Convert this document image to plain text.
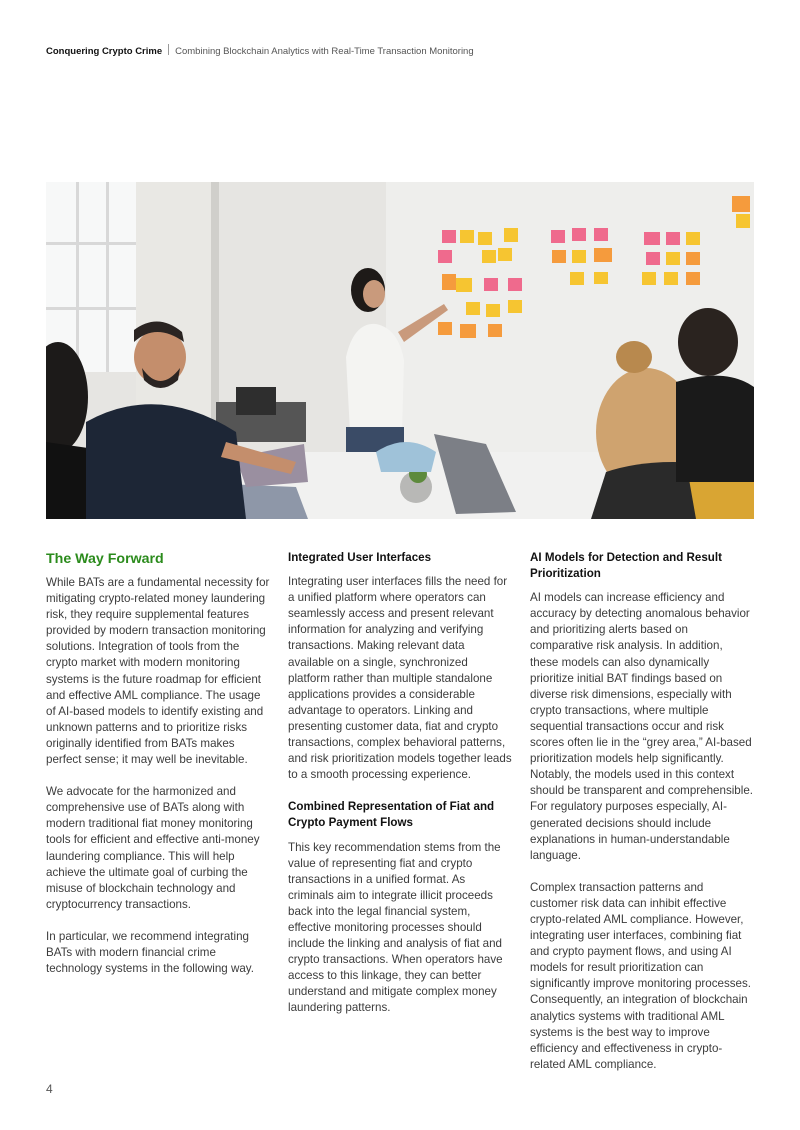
Conquering Crypto Crime Combining Blockchain Analytics with Real-Time Transaction Monitoring
The Way Forward

While BATs are a fundamental necessity for mitigating crypto-related money laundering risk, they require supplemental features provided by modern transaction monitoring solutions. Integration of tools from the crypto market with modern monitoring systems is the future roadmap for efficient and effective AML compliance. The usage of AI-based models to identify existing and unknown patterns and to prioritize risks originally identified from BATs makes perfect sense; it may well be inevitable.

We advocate for the harmonized and comprehensive use of BATs along with modern traditional fiat money monitoring tools for efficient and effective anti-money laundering compliance. This will help achieve the ultimate goal of curbing the misuse of blockchain technology and cryptocurrency transactions.

In particular, we recommend integrating BATs with modern financial crime technology systems in the following way.

Integrated User Interfaces

Integrating user interfaces fills the need for a unified platform where operators can seamlessly access and present relevant information for analyzing and verifying transactions. Making relevant data available on a single, synchronized platform rather than multiple standalone applications provides a considerable advantage to operators. Linking and presenting customer data, fiat and crypto transactions, complex behavioral patterns, and risk prioritization models together leads to a smooth processing experience.

Combined Representation of Fiat and Crypto Payment Flows

This key recommendation stems from the value of representing fiat and crypto transactions in a unified format. As criminals aim to integrate illicit proceeds back into the legal financial system, effective monitoring processes should include the linking and analysis of fiat and crypto transactions. When operators have access to this linkage, they can better understand and mitigate complex money laundering patterns.

AI Models for Detection and Result Prioritization

AI models can increase efficiency and accuracy by detecting anomalous behavior and prioritizing alerts based on comparative risk analysis. In addition, these models can also dynamically prioritize initial BAT findings based on diverse risk dimensions, especially with crypto transactions, where multiple sequential transactions occur and risk scores often lie in the “grey area,” AI-based prioritization models help significantly. Notably, the models used in this context should be transparent and comprehensible. For regulatory purposes especially, AI-generated decisions should include explanations in human-understandable language.

Complex transaction patterns and customer risk data can inhibit effective crypto-related AML compliance. However, integrating user interfaces, combining fiat and crypto payment flows, and using AI models for result prioritization can significantly improve monitoring processes. Consequently, an integration of blockchain analytics systems with traditional AML systems is the best way to improve efficiency and effectiveness in crypto-related AML compliance.

4
